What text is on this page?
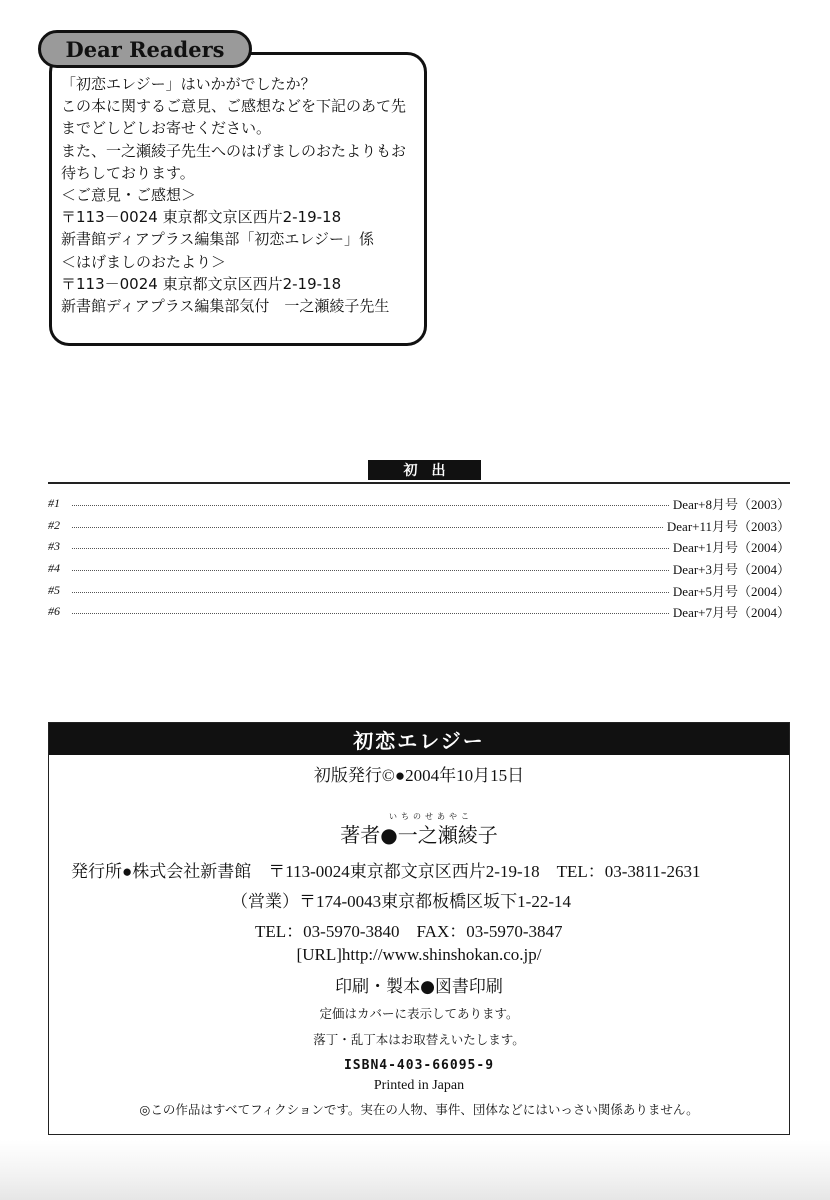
Dear Readers
「初恋エレジー」はいかがでしたか？
この本に関するご意見、ご感想などを下記のあて先
までどしどしお寄せください。
また、一之瀬綾子先生へのはげましのおたよりもお
待ちしております。
＜ご意見・ご感想＞
〒113－0024 東京都文京区西片2-19-18
新書館ディアプラス編集部「初恋エレジー」係
＜はげましのおたより＞
〒113－0024 東京都文京区西片2-19-18
新書館ディアプラス編集部気付　一之瀬綾子先生
初出
#1	Dear+8月号（2003）
#2	Dear+11月号（2003）
#3	Dear+1月号（2004）
#4	Dear+3月号（2004）
#5	Dear+5月号（2004）
#6	Dear+7月号（2004）
初恋エレジー
初版発行©●2004年10月15日
いちのせあやこ
著者●一之瀬綾子
発行所●株式会社新書館　〒113-0024東京都文京区西片2-19-18　TEL：03-3811-2631
（営業）〒174-0043東京都板橋区坂下1-22-14
TEL：03-5970-3840　FAX：03-5970-3847
[URL]http://www.shinshokan.co.jp/
印刷・製本●図書印刷
定価はカバーに表示してあります。
落丁・乱丁本はお取替えいたします。
ISBN4-403-66095-9
Printed in Japan
◎この作品はすべてフィクションです。実在の人物、事件、団体などにはいっさい関係ありません。
